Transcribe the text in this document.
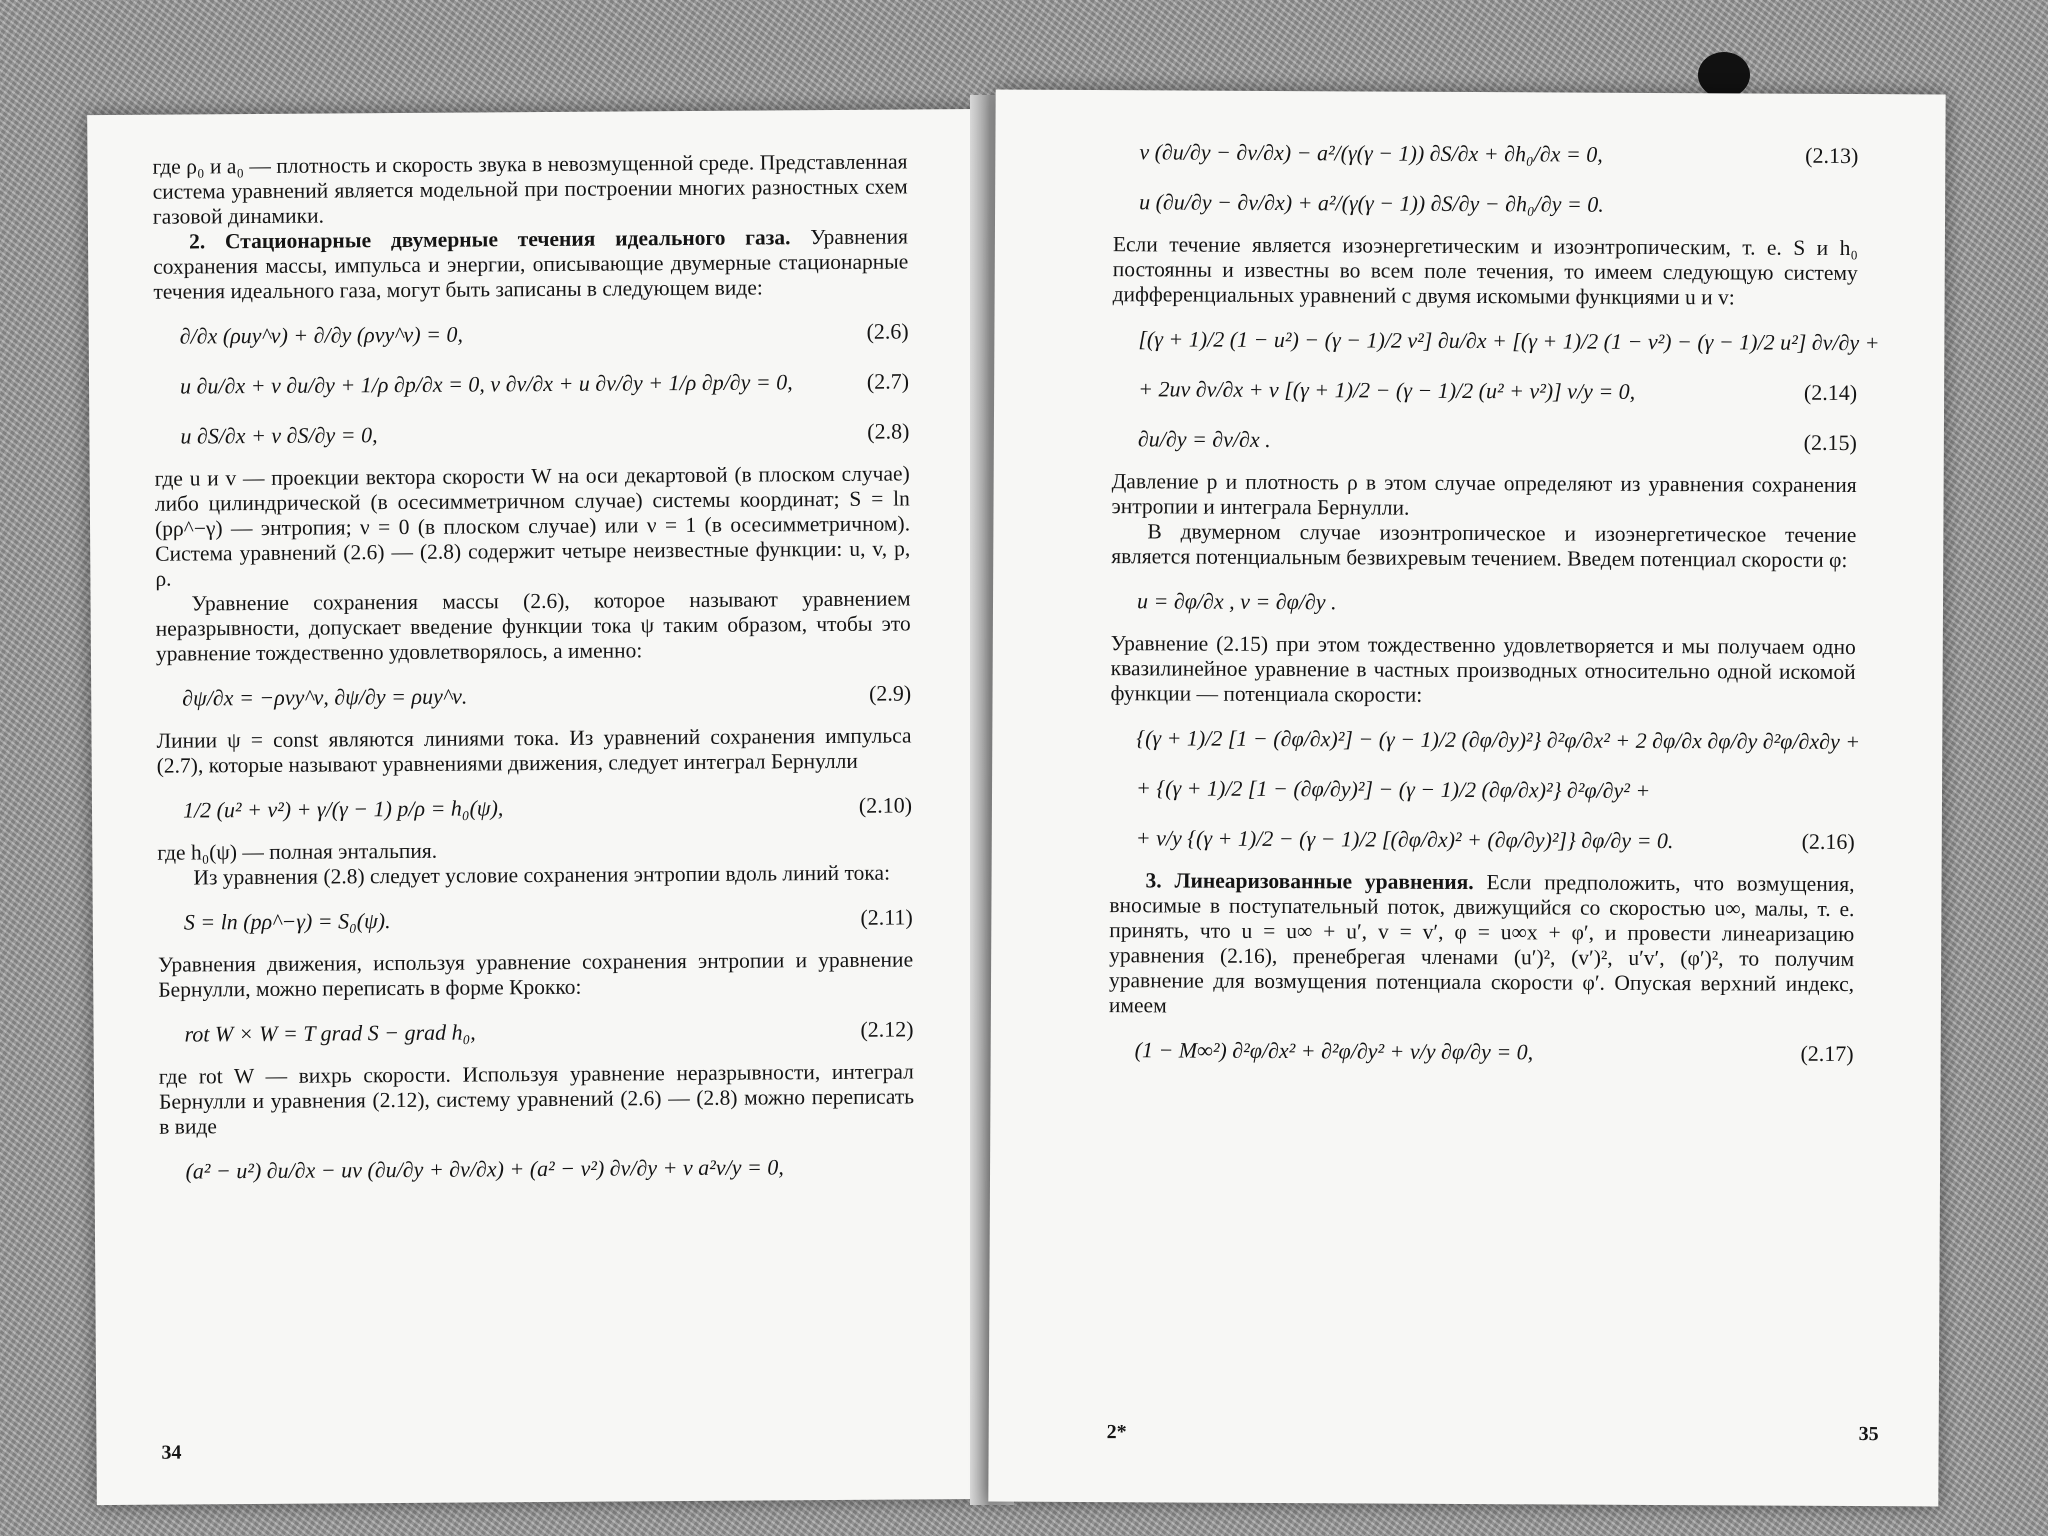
где ρ₀ и a₀ — плотность и скорость звука в невозмущенной среде. Представленная система уравнений является модельной при построении многих разностных схем газовой динамики.

2. Стационарные двумерные течения идеального газа. Уравнения сохранения массы, импульса и энергии, описывающие двумерные стационарные течения идеального газа, могут быть записаны в следующем виде:

∂/∂x (ρuy^ν) + ∂/∂y (ρvy^ν) = 0,	(2.6)
u ∂u/∂x + v ∂u/∂y + 1/ρ ∂p/∂x = 0, v ∂v/∂x + u ∂v/∂y + 1/ρ ∂p/∂y = 0,	(2.7)
u ∂S/∂x + v ∂S/∂y = 0,	(2.8)

где u и v — проекции вектора скорости W на оси декартовой (в плоском случае) либо цилиндрической (в осесимметричном случае) системы координат; S = ln (pρ^−γ) — энтропия; ν = 0 (в плоском случае) или ν = 1 (в осесимметричном). Система уравнений (2.6) — (2.8) содержит четыре неизвестные функции: u, v, p, ρ.

Уравнение сохранения массы (2.6), которое называют уравнением неразрывности, допускает введение функции тока ψ таким образом, чтобы это уравнение тождественно удовлетворялось, а именно:

∂ψ/∂x = −ρvy^ν, ∂ψ/∂y = ρuy^ν.	(2.9)

Линии ψ = const являются линиями тока. Из уравнений сохранения импульса (2.7), которые называют уравнениями движения, следует интеграл Бернулли

1/2 (u² + v²) + γ/(γ − 1) p/ρ = h₀(ψ),	(2.10)

где h₀(ψ) — полная энтальпия.

Из уравнения (2.8) следует условие сохранения энтропии вдоль линий тока:

S = ln (pρ^−γ) = S₀(ψ).	(2.11)

Уравнения движения, используя уравнение сохранения энтропии и уравнение Бернулли, можно переписать в форме Крокко:

rot W × W = T grad S − grad h₀,	(2.12)

где rot W — вихрь скорости. Используя уравнение неразрывности, интеграл Бернулли и уравнения (2.12), систему уравнений (2.6) — (2.8) можно переписать в виде

(a² − u²) ∂u/∂x − uv (∂u/∂y + ∂v/∂x) + (a² − v²) ∂v/∂y + ν a²v/y = 0,
34
v (∂u/∂y − ∂v/∂x) − a²/(γ(γ − 1)) ∂S/∂x + ∂h₀/∂x = 0,	(2.13)
u (∂u/∂y − ∂v/∂x) + a²/(γ(γ − 1)) ∂S/∂y − ∂h₀/∂y = 0.

Если течение является изоэнергетическим и изоэнтропическим, т. е. S и h₀ постоянны и известны во всем поле течения, то имеем следующую систему дифференциальных уравнений с двумя искомыми функциями u и v:

[(γ + 1)/2 (1 − u²) − (γ − 1)/2 v²] ∂u/∂x + [(γ + 1)/2 (1 − v²) − (γ − 1)/2 u²] ∂v/∂y +
+ 2uv ∂v/∂x + ν [(γ + 1)/2 − (γ − 1)/2 (u² + v²)] v/y = 0,	(2.14)
∂u/∂y = ∂v/∂x .	(2.15)

Давление p и плотность ρ в этом случае определяют из уравнения сохранения энтропии и интеграла Бернулли.

В двумерном случае изоэнтропическое и изоэнергетическое течение является потенциальным безвихревым течением. Введем потенциал скорости φ:

u = ∂φ/∂x , v = ∂φ/∂y .

Уравнение (2.15) при этом тождественно удовлетворяется и мы получаем одно квазилинейное уравнение в частных производных относительно одной искомой функции — потенциала скорости:

{(γ + 1)/2 [1 − (∂φ/∂x)²] − (γ − 1)/2 (∂φ/∂y)²} ∂²φ/∂x² + 2 ∂φ/∂x ∂φ/∂y ∂²φ/∂x∂y +
+ {(γ + 1)/2 [1 − (∂φ/∂y)²] − (γ − 1)/2 (∂φ/∂x)²} ∂²φ/∂y² +
+ ν/y {(γ + 1)/2 − (γ − 1)/2 [(∂φ/∂x)² + (∂φ/∂y)²]} ∂φ/∂y = 0.	(2.16)

3. Линеаризованные уравнения. Если предположить, что возмущения, вносимые в поступательный поток, движущийся со скоростью u∞, малы, т. е. принять, что u = u∞ + u′, v = v′, φ = u∞x + φ′, и провести линеаризацию уравнения (2.16), пренебрегая членами (u′)², (v′)², u′v′, (φ′)², то получим уравнение для возмущения потенциала скорости φ′. Опуская верхний индекс, имеем

(1 − M∞²) ∂²φ/∂x² + ∂²φ/∂y² + ν/y ∂φ/∂y = 0,	(2.17)
2*	35
